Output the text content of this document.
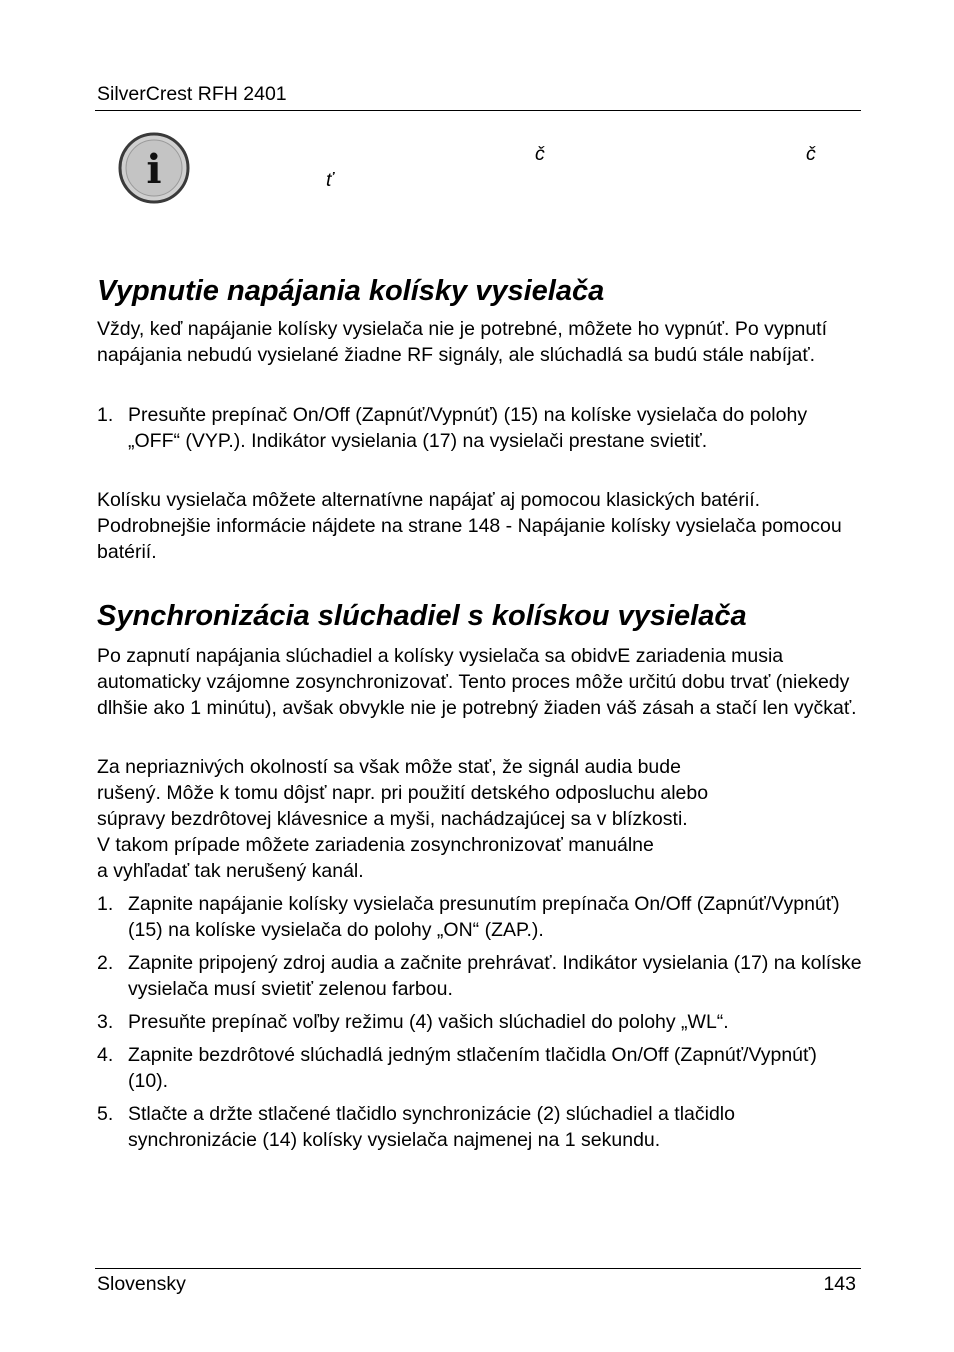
SilverCrest RFH 2401
i	č	č
ť
Vypnutie napájania kolísky vysielača

Vždy, keď napájanie kolísky vysielača nie je potrebné, môžete ho vypnúť. Po vypnutí napájania nebudú vysielané žiadne RF signály, ale slúchadlá sa budú stále nabíjať.

1. Presuňte prepínač On/Off (Zapnúť/Vypnúť) (15) na kolíske vysielača do polohy „OFF“ (VYP.). Indikátor vysielania (17) na vysielači prestane svietiť.

Kolísku vysielača môžete alternatívne napájať aj pomocou klasických batérií. Podrobnejšie informácie nájdete na strane 148 - Napájanie kolísky vysielača pomocou batérií.

Synchronizácia slúchadiel s kolískou vysielača

Po zapnutí napájania slúchadiel a kolísky vysielača sa obidvE zariadenia musia automaticky vzájomne zosynchronizovať. Tento proces môže určitú dobu trvať (niekedy dlhšie ako 1 minútu), avšak obvykle nie je potrebný žiaden váš zásah a stačí len vyčkať.

Za nepriaznivých okolností sa však môže stať, že signál audia bude
rušený. Môže k tomu dôjsť napr. pri použití detského odposluchu alebo
súpravy bezdrôtovej klávesnice a myši, nachádzajúcej sa v blízkosti.
V takom prípade môžete zariadenia zosynchronizovať manuálne
a vyhľadať tak nerušený kanál.
1. Zapnite napájanie kolísky vysielača presunutím prepínača On/Off (Zapnúť/Vypnúť) (15) na kolíske vysielača do polohy „ON“ (ZAP.).
2. Zapnite pripojený zdroj audia a začnite prehrávať. Indikátor vysielania (17) na kolíske vysielača musí svietiť zelenou farbou.
3. Presuňte prepínač voľby režimu (4) vašich slúchadiel do polohy „WL“.
4. Zapnite bezdrôtové slúchadlá jedným stlačením tlačidla On/Off (Zapnúť/Vypnúť) (10).
5. Stlačte a držte stlačené tlačidlo synchronizácie (2) slúchadiel a tlačidlo synchronizácie (14) kolísky vysielača najmenej na 1 sekundu.
Slovensky	143
